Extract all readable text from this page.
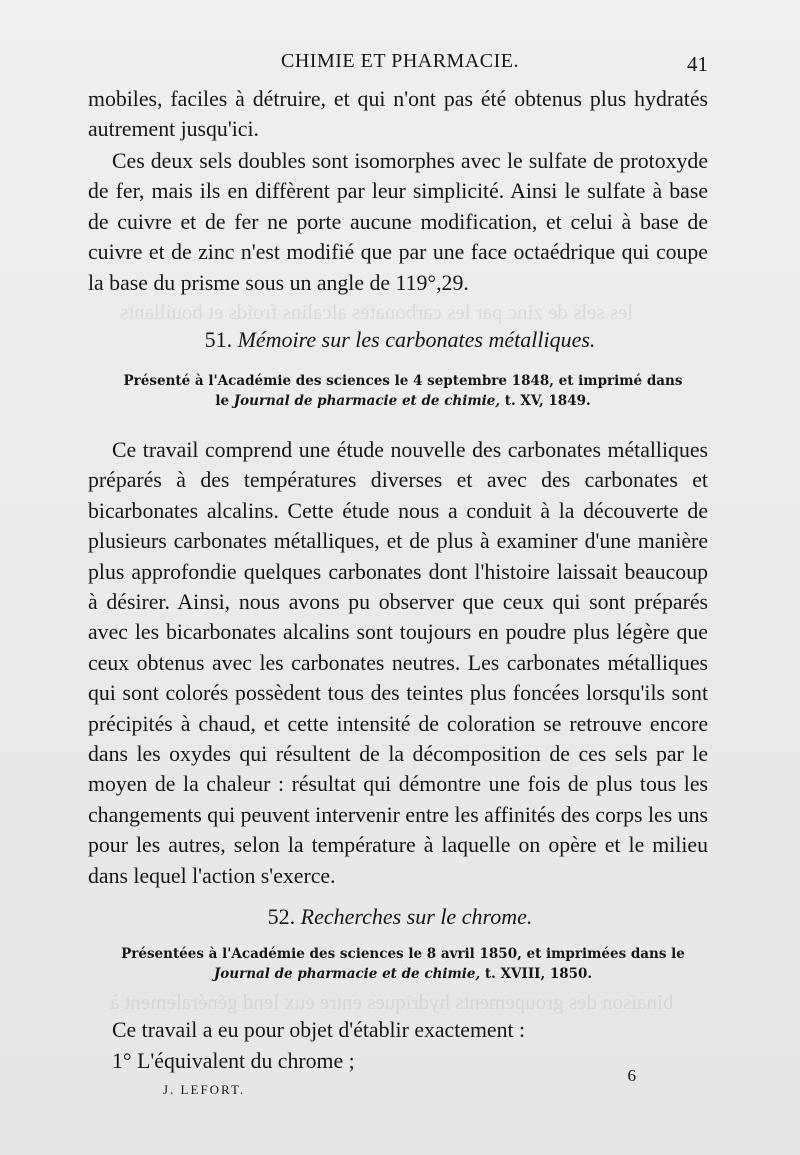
les sels de zinc par les carbonates alcalins froids et bouillants
binaison des groupements hydriques entre eux lend généralement à
CHIMIE ET PHARMACIE.	41

mobiles, faciles à détruire, et qui n'ont pas été obtenus plus hydratés autrement jusqu'ici.

Ces deux sels doubles sont isomorphes avec le sulfate de protoxyde de fer, mais ils en diffèrent par leur simplicité. Ainsi le sulfate à base de cuivre et de fer ne porte aucune modification, et celui à base de cuivre et de zinc n'est modifié que par une face octaédrique qui coupe la base du prisme sous un angle de 119°,29.

51. Mémoire sur les carbonates métalliques.
Présenté à l'Académie des sciences le 4 septembre 1848, et imprimé dans le Journal de pharmacie et de chimie, t. XV, 1849.

Ce travail comprend une étude nouvelle des carbonates métalliques préparés à des températures diverses et avec des carbonates et bicarbonates alcalins. Cette étude nous a conduit à la découverte de plusieurs carbonates métalliques, et de plus à examiner d'une manière plus approfondie quelques carbonates dont l'histoire laissait beaucoup à désirer. Ainsi, nous avons pu observer que ceux qui sont préparés avec les bicarbonates alcalins sont toujours en poudre plus légère que ceux obtenus avec les carbonates neutres. Les carbonates métalliques qui sont colorés possèdent tous des teintes plus foncées lorsqu'ils sont précipités à chaud, et cette intensité de coloration se retrouve encore dans les oxydes qui résultent de la décomposition de ces sels par le moyen de la chaleur : résultat qui démontre une fois de plus tous les changements qui peuvent intervenir entre les affinités des corps les uns pour les autres, selon la température à laquelle on opère et le milieu dans lequel l'action s'exerce.

52. Recherches sur le chrome.
Présentées à l'Académie des sciences le 8 avril 1850, et imprimées dans le Journal de pharmacie et de chimie, t. XVIII, 1850.

Ce travail a eu pour objet d'établir exactement :

1° L'équivalent du chrome ;

J. LEFORT.
6
